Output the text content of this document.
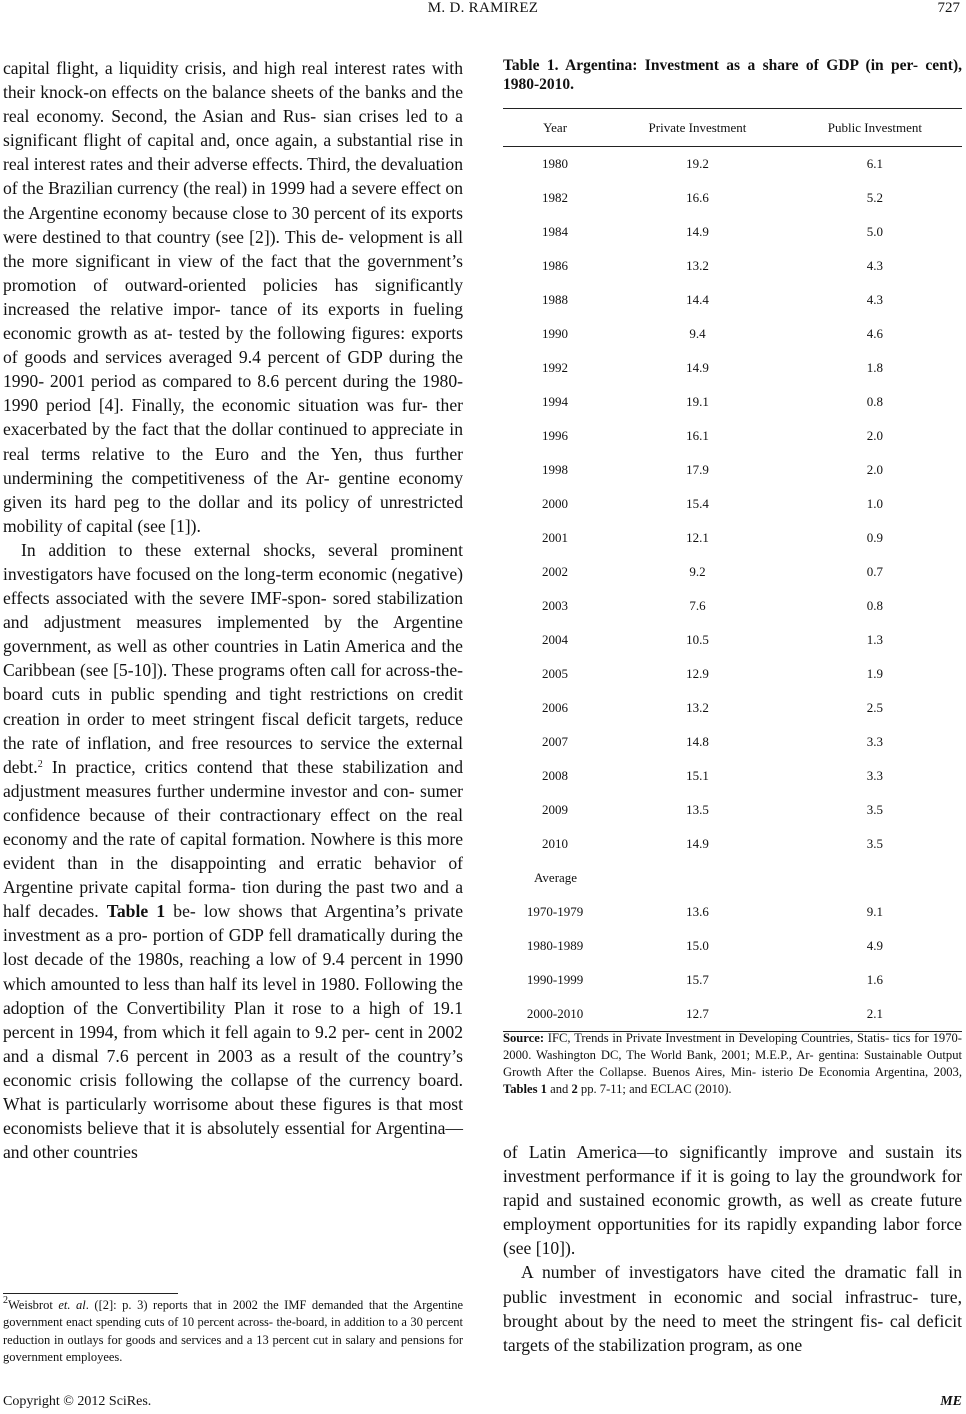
M. D. RAMIREZ	727

capital flight, a liquidity crisis, and high real interest rates with their knock-on effects on the balance sheets of the banks and the real economy. Second, the Asian and Rus- sian crises led to a significant flight of capital and, once again, a substantial rise in real interest rates and their adverse effects. Third, the devaluation of the Brazilian currency (the real) in 1999 had a severe effect on the Argentine economy because close to 30 percent of its exports were destined to that country (see [2]). This de- velopment is all the more significant in view of the fact that the government’s promotion of outward-oriented policies has significantly increased the relative impor- tance of its exports in fueling economic growth as at- tested by the following figures: exports of goods and services averaged 9.4 percent of GDP during the 1990- 2001 period as compared to 8.6 percent during the 1980- 1990 period [4]. Finally, the economic situation was fur- ther exacerbated by the fact that the dollar continued to appreciate in real terms relative to the Euro and the Yen, thus further undermining the competitiveness of the Ar- gentine economy given its hard peg to the dollar and its policy of unrestricted mobility of capital (see [1]).

In addition to these external shocks, several prominent investigators have focused on the long-term economic (negative) effects associated with the severe IMF-spon- sored stabilization and adjustment measures implemented by the Argentine government, as well as other countries in Latin America and the Caribbean (see [5-10]). These programs often call for across-the-board cuts in public spending and tight restrictions on credit creation in order to meet stringent fiscal deficit targets, reduce the rate of inflation, and free resources to service the external debt.$^2$ In practice, critics contend that these stabilization and adjustment measures further undermine investor and con- sumer confidence because of their contractionary effect on the real economy and the rate of capital formation. Nowhere is this more evident than in the disappointing and erratic behavior of Argentine private capital forma- tion during the past two and a half decades. Table 1 be- low shows that Argentina’s private investment as a pro- portion of GDP fell dramatically during the lost decade of the 1980s, reaching a low of 9.4 percent in 1990 which amounted to less than half its level in 1980. Following the adoption of the Convertibility Plan it rose to a high of 19.1 percent in 1994, from which it fell again to 9.2 per- cent in 2002 and a dismal 7.6 percent in 2003 as a result of the country’s economic crisis following the collapse of the currency board. What is particularly worrisome about these figures is that most economists believe that it is absolutely essential for Argentina—and other countries

$^2$Weisbrot et. al. ([2]: p. 3) reports that in 2002 the IMF demanded that the Argentine government enact spending cuts of 10 percent across- the-board, in addition to a 30 percent reduction in outlays for goods and services and a 13 percent cut in salary and pensions for government employees.
Table 1. Argentina: Investment as a share of GDP (in per- cent), 1980-2010.
Year	Private Investment	Public Investment
1980	19.2	6.1
1982	16.6	5.2
1984	14.9	5.0
1986	13.2	4.3
1988	14.4	4.3
1990	9.4	4.6
1992	14.9	1.8
1994	19.1	0.8
1996	16.1	2.0
1998	17.9	2.0
2000	15.4	1.0
2001	12.1	0.9
2002	9.2	0.7
2003	7.6	0.8
2004	10.5	1.3
2005	12.9	1.9
2006	13.2	2.5
2007	14.8	3.3
2008	15.1	3.3
2009	13.5	3.5
2010	14.9	3.5
Average		
1970-1979	13.6	9.1
1980-1989	15.0	4.9
1990-1999	15.7	1.6
2000-2010	12.7	2.1
Source: IFC, Trends in Private Investment in Developing Countries, Statis- tics for 1970-2000. Washington DC, The World Bank, 2001; M.E.P., Ar- gentina: Sustainable Output Growth After the Collapse. Buenos Aires, Min- isterio De Economia Argentina, 2003, Tables 1 and 2 pp. 7-11; and ECLAC (2010).

of Latin America—to significantly improve and sustain its investment performance if it is going to lay the groundwork for rapid and sustained economic growth, as well as create future employment opportunities for its rapidly expanding labor force (see [10]).

A number of investigators have cited the dramatic fall in public investment in economic and social infrastruc- ture, brought about by the need to meet the stringent fis- cal deficit targets of the stabilization program, as one

Copyright © 2012 SciRes.	ME
